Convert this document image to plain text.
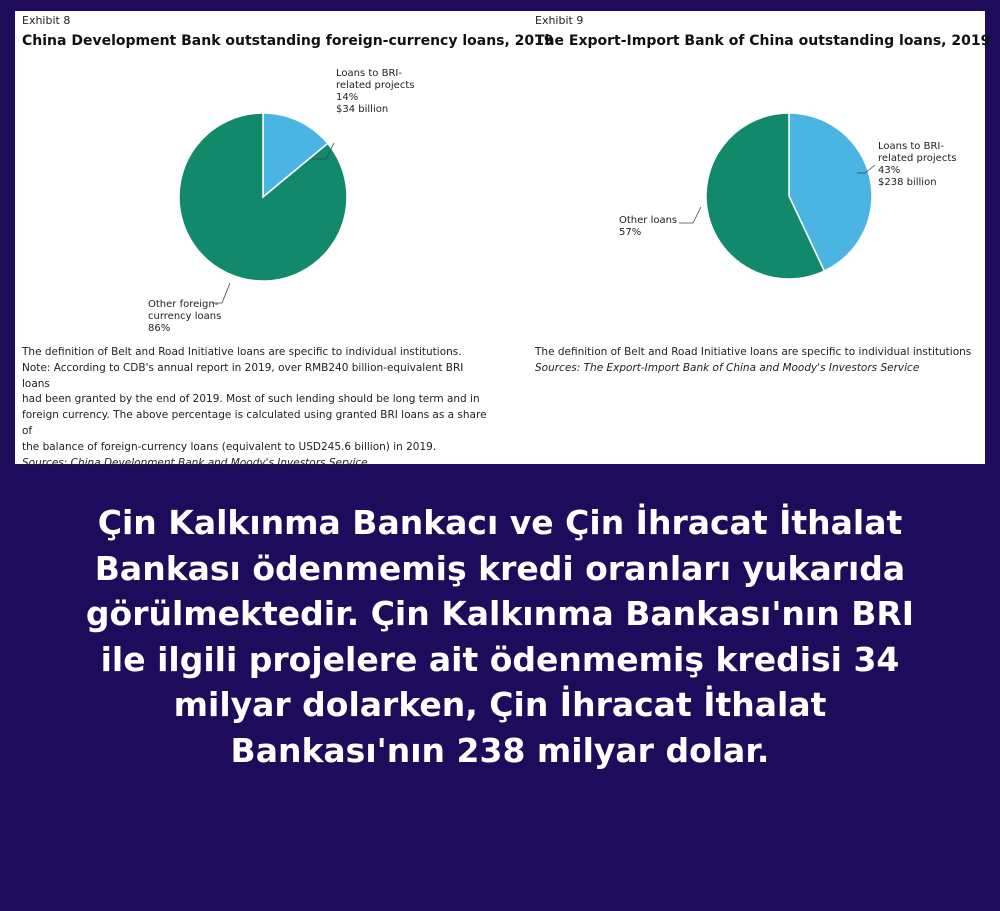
Exhibit 8
China Development Bank outstanding foreign-currency loans, 2019
Loans to BRI- related projects 14% $34 billion
Other foreign- currency loans 86%
The definition of Belt and Road Initiative loans are specific to individual institutions.
Note: According to CDB's annual report in 2019, over RMB240 billion-equivalent BRI loans
had been granted by the end of 2019. Most of such lending should be long term and in
foreign currency. The above percentage is calculated using granted BRI loans as a share of
the balance of foreign-currency loans (equivalent to USD245.6 billion) in 2019.
Sources: China Development Bank and Moody's Investors Service
Exhibit 9
The Export-Import Bank of China outstanding loans, 2019
Loans to BRI- related projects 43% $238 billion
Other loans 57%
The definition of Belt and Road Initiative loans are specific to individual institutions
Sources: The Export-Import Bank of China and Moody's Investors Service
Çin Kalkınma Bankacı ve Çin İhracat İthalat
Bankası ödenmemiş kredi oranları yukarıda
görülmektedir. Çin Kalkınma Bankası'nın BRI
ile ilgili projelere ait ödenmemiş kredisi 34
milyar dolarken, Çin İhracat İthalat
Bankası'nın 238 milyar dolar.
